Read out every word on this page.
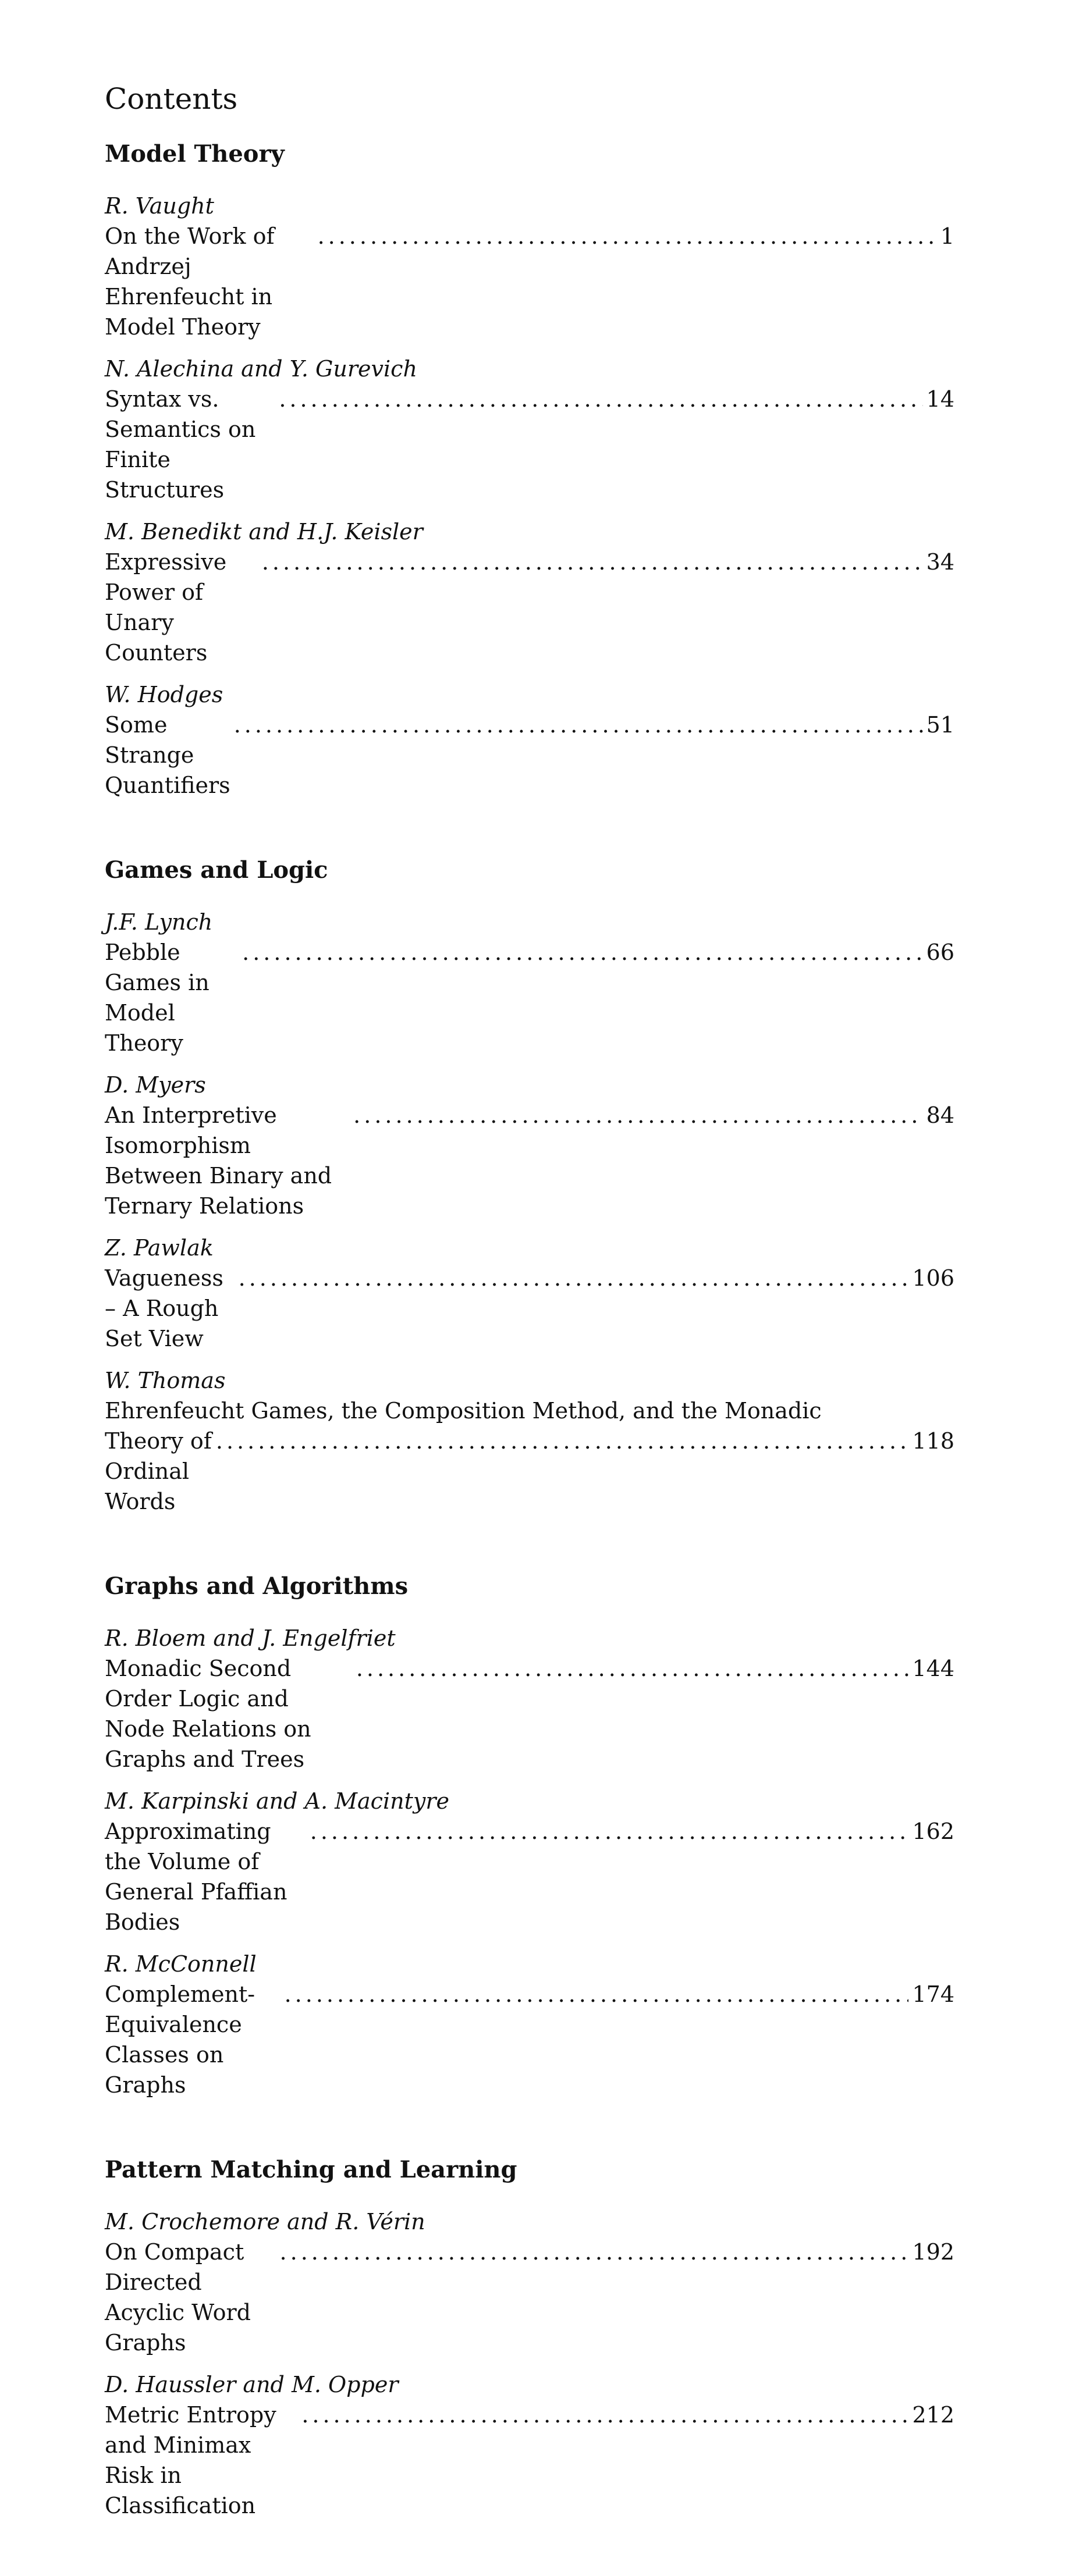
Contents
Model Theory
R. Vaught
On the Work of Andrzej Ehrenfeucht in Model Theory
.....
1
N. Alechina and Y. Gurevich
Syntax vs. Semantics on Finite Structures
.....
14
M. Benedikt and H.J. Keisler
Expressive Power of Unary Counters
.....
34
W. Hodges
Some Strange Quantifiers
.....
51
Games and Logic
J.F. Lynch
Pebble Games in Model Theory
.....
66
D. Myers
An Interpretive Isomorphism Between Binary and Ternary Relations
.....
84
Z. Pawlak
Vagueness – A Rough Set View
.....
106
W. Thomas
Ehrenfeucht Games, the Composition Method, and the Monadic
Theory of Ordinal Words
.....
118
Graphs and Algorithms
R. Bloem and J. Engelfriet
Monadic Second Order Logic and Node Relations on Graphs and Trees
.....
144
M. Karpinski and A. Macintyre
Approximating the Volume of General Pfaffian Bodies
.....
162
R. McConnell
Complement-Equivalence Classes on Graphs
.....
174
Pattern Matching and Learning
M. Crochemore and R. Vérin
On Compact Directed Acyclic Word Graphs
.....
192
D. Haussler and M. Opper
Metric Entropy and Minimax Risk in Classification
.....
212
